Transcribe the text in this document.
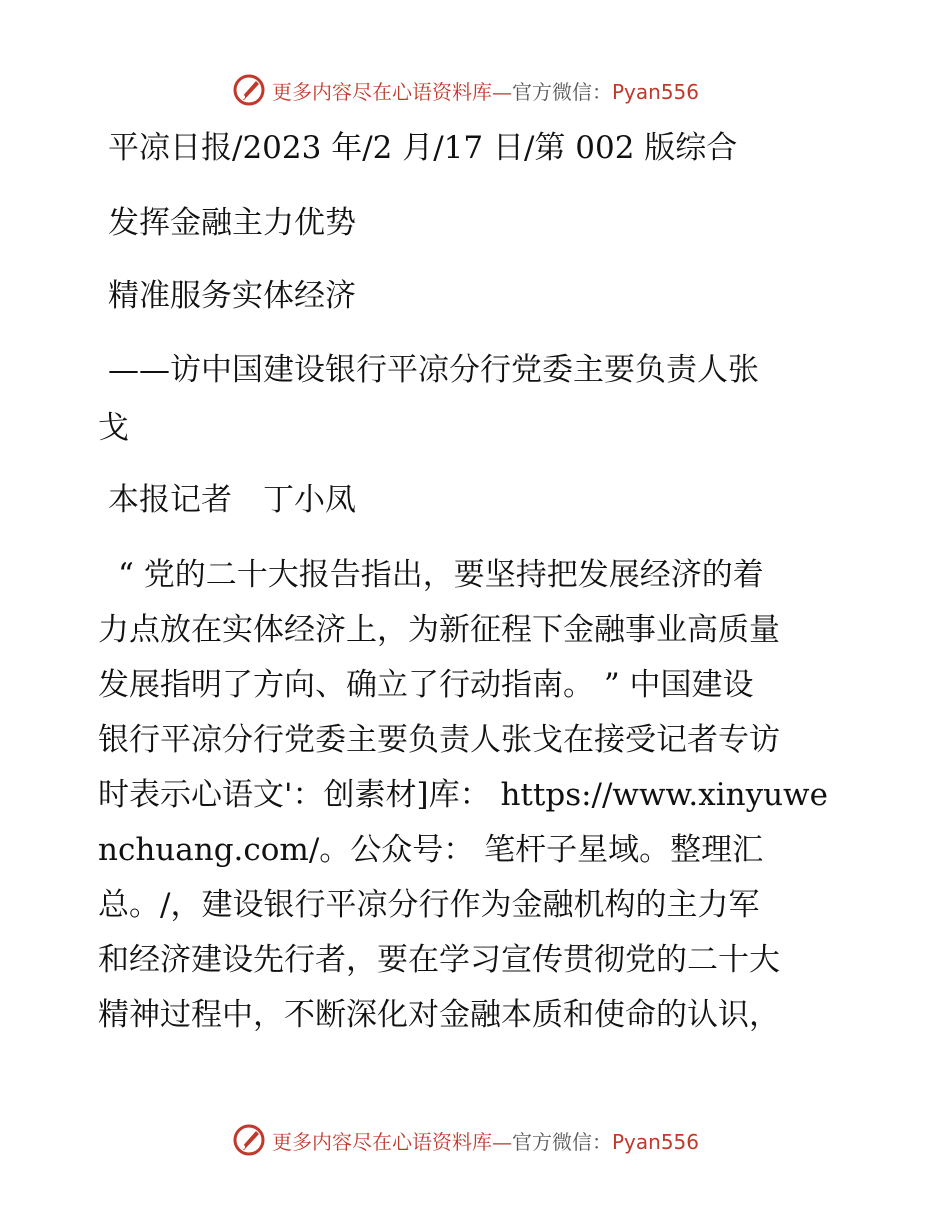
更多内容尽在心语资料库—官方微信：Pyan556
平凉日报/2023 年/2 月/17 日/第 002 版综合
发挥金融主力优势
精准服务实体经济
——访中国建设银行平凉分行党委主要负责人张
戈
本报记者　丁小凤
“ 党的二十大报告指出，要坚持把发展经济的着
力点放在实体经济上，为新征程下金融事业高质量
发展指明了方向、确立了行动指南。 ” 中国建设
银行平凉分行党委主要负责人张戈在接受记者专访
时表示心语文'：创素材]库： https://www.xinyuwe
nchuang.com/。公众号： 笔杆子星域。整理汇
总。/，建设银行平凉分行作为金融机构的主力军
和经济建设先行者，要在学习宣传贯彻党的二十大
精神过程中，不断深化对金融本质和使命的认识，
更多内容尽在心语资料库—官方微信：Pyan556
